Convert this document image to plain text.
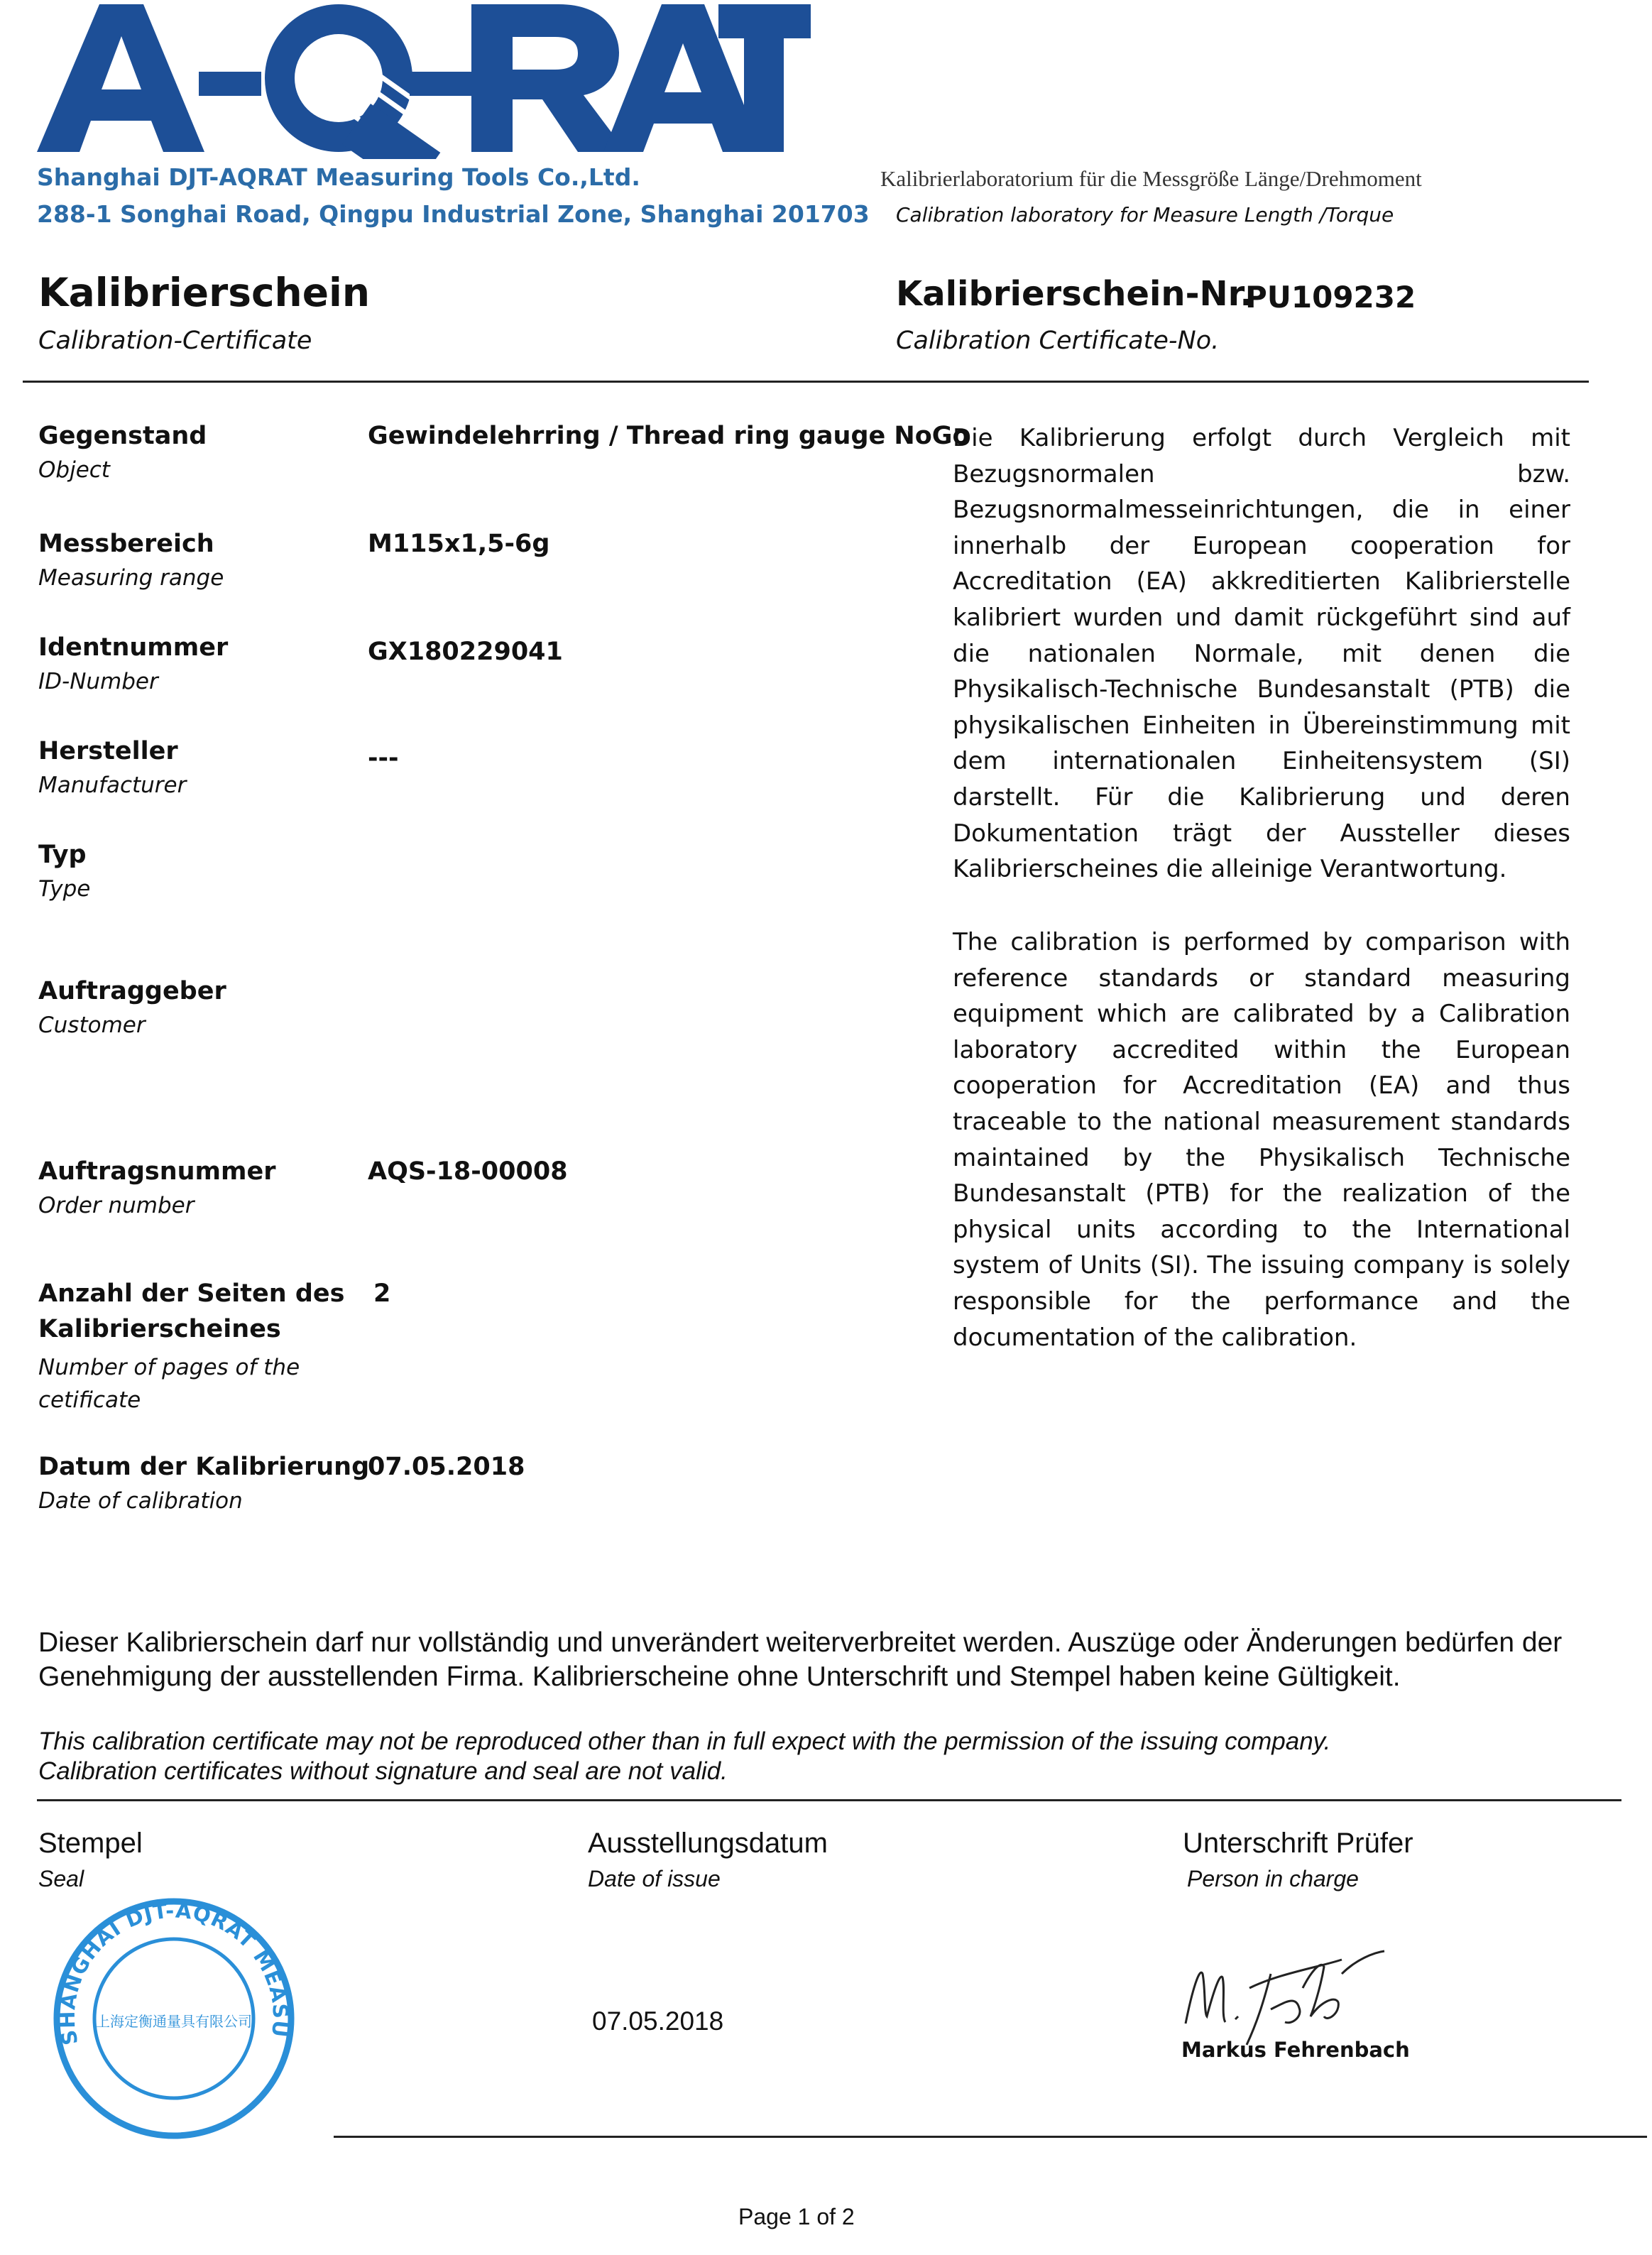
Shanghai DJT-AQRAT Measuring Tools Co.,Ltd.
288-1 Songhai Road, Qingpu Industrial Zone, Shanghai 201703
Kalibrierlaboratorium für die Messgröße Länge/Drehmoment
Calibration laboratory for Measure Length /Torque
Kalibrierschein
Calibration-Certificate
Kalibrierschein-Nr.
PU109232
Calibration Certificate-No.
Gegenstand
Object
Gewindelehrring / Thread ring gauge NoGo
Messbereich
Measuring range
M115x1,5-6g
Identnummer
ID-Number
GX180229041
Hersteller
Manufacturer
---
Typ
Type
Auftraggeber
Customer
Auftragsnummer
Order number
AQS-18-00008
Anzahl der Seiten des
Kalibrierscheines
Number of pages of the
cetificate
2
Datum der Kalibrierung
Date of calibration
07.05.2018
Die Kalibrierung erfolgt durch Vergleich mit Bezugsnormalen bzw. Bezugsnormalmesseinrichtungen, die in einer innerhalb der European cooperation for Accreditation (EA) akkreditierten Kalibrierstelle kalibriert wurden und damit rückgeführt sind auf die nationalen Normale, mit denen die Physikalisch-Technische Bundesanstalt (PTB) die physikalischen Einheiten in Übereinstimmung mit dem internationalen Einheitensystem (SI) darstellt. Für die Kalibrierung und deren Dokumentation trägt der Aussteller dieses Kalibrierscheines die alleinige Verantwortung.
The calibration is performed by comparison with reference standards or standard measuring equipment which are calibrated by a Calibration laboratory accredited within the European cooperation for Accreditation (EA) and thus traceable to the national measurement standards maintained by the Physikalisch Technische Bundesanstalt (PTB) for the realization of the physical units according to the International system of Units (SI). The issuing company is solely responsible for the performance and the documentation of the calibration.
Dieser Kalibrierschein darf nur vollständig und unverändert weiterverbreitet werden. Auszüge oder Änderungen bedürfen der Genehmigung der ausstellenden Firma. Kalibrierscheine ohne Unterschrift und Stempel haben keine Gültigkeit.
This calibration certificate may not be reproduced other than in full expect with the permission of the issuing company.
Calibration certificates without signature and seal are not valid.
Stempel
Seal
Ausstellungsdatum
Date of issue
07.05.2018
Unterschrift Prüfer
Person in charge
SHANGHAI DJT-AQRAT MEASU
上海定衡通量具有限公司
Markus Fehrenbach
Page 1 of 2
